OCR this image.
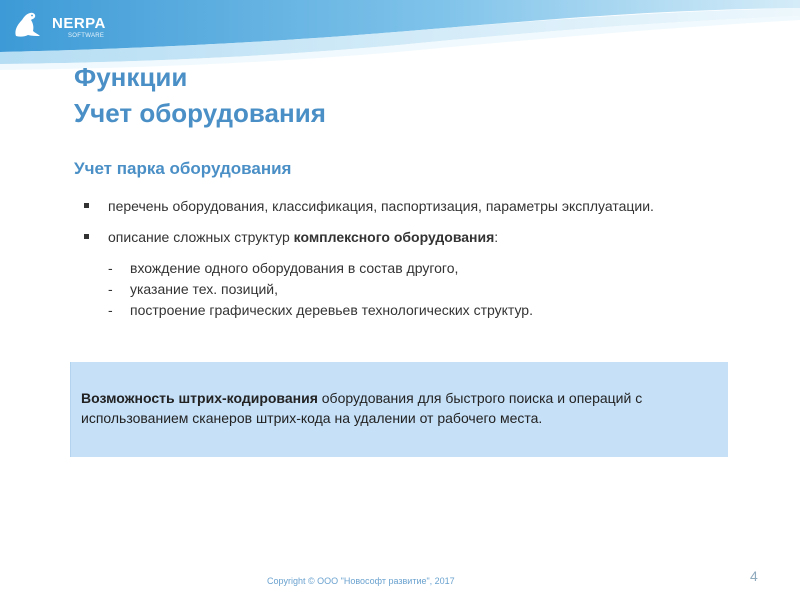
NERPA
SOFTWARE
Функции
Учет оборудования
Учет парка оборудования
перечень оборудования, классификация, паспортизация, параметры эксплуатации.
описание сложных структур комплексного оборудования:
- вхождение одного оборудования в состав другого,
- указание тех. позиций,
- построение графических деревьев технологических структур.
Возможность штрих-кодирования оборудования для быстрого поиска и операций с использованием сканеров штрих-кода на удалении от рабочего места.
Copyright © ООО "Новософт развитие", 2017	4
